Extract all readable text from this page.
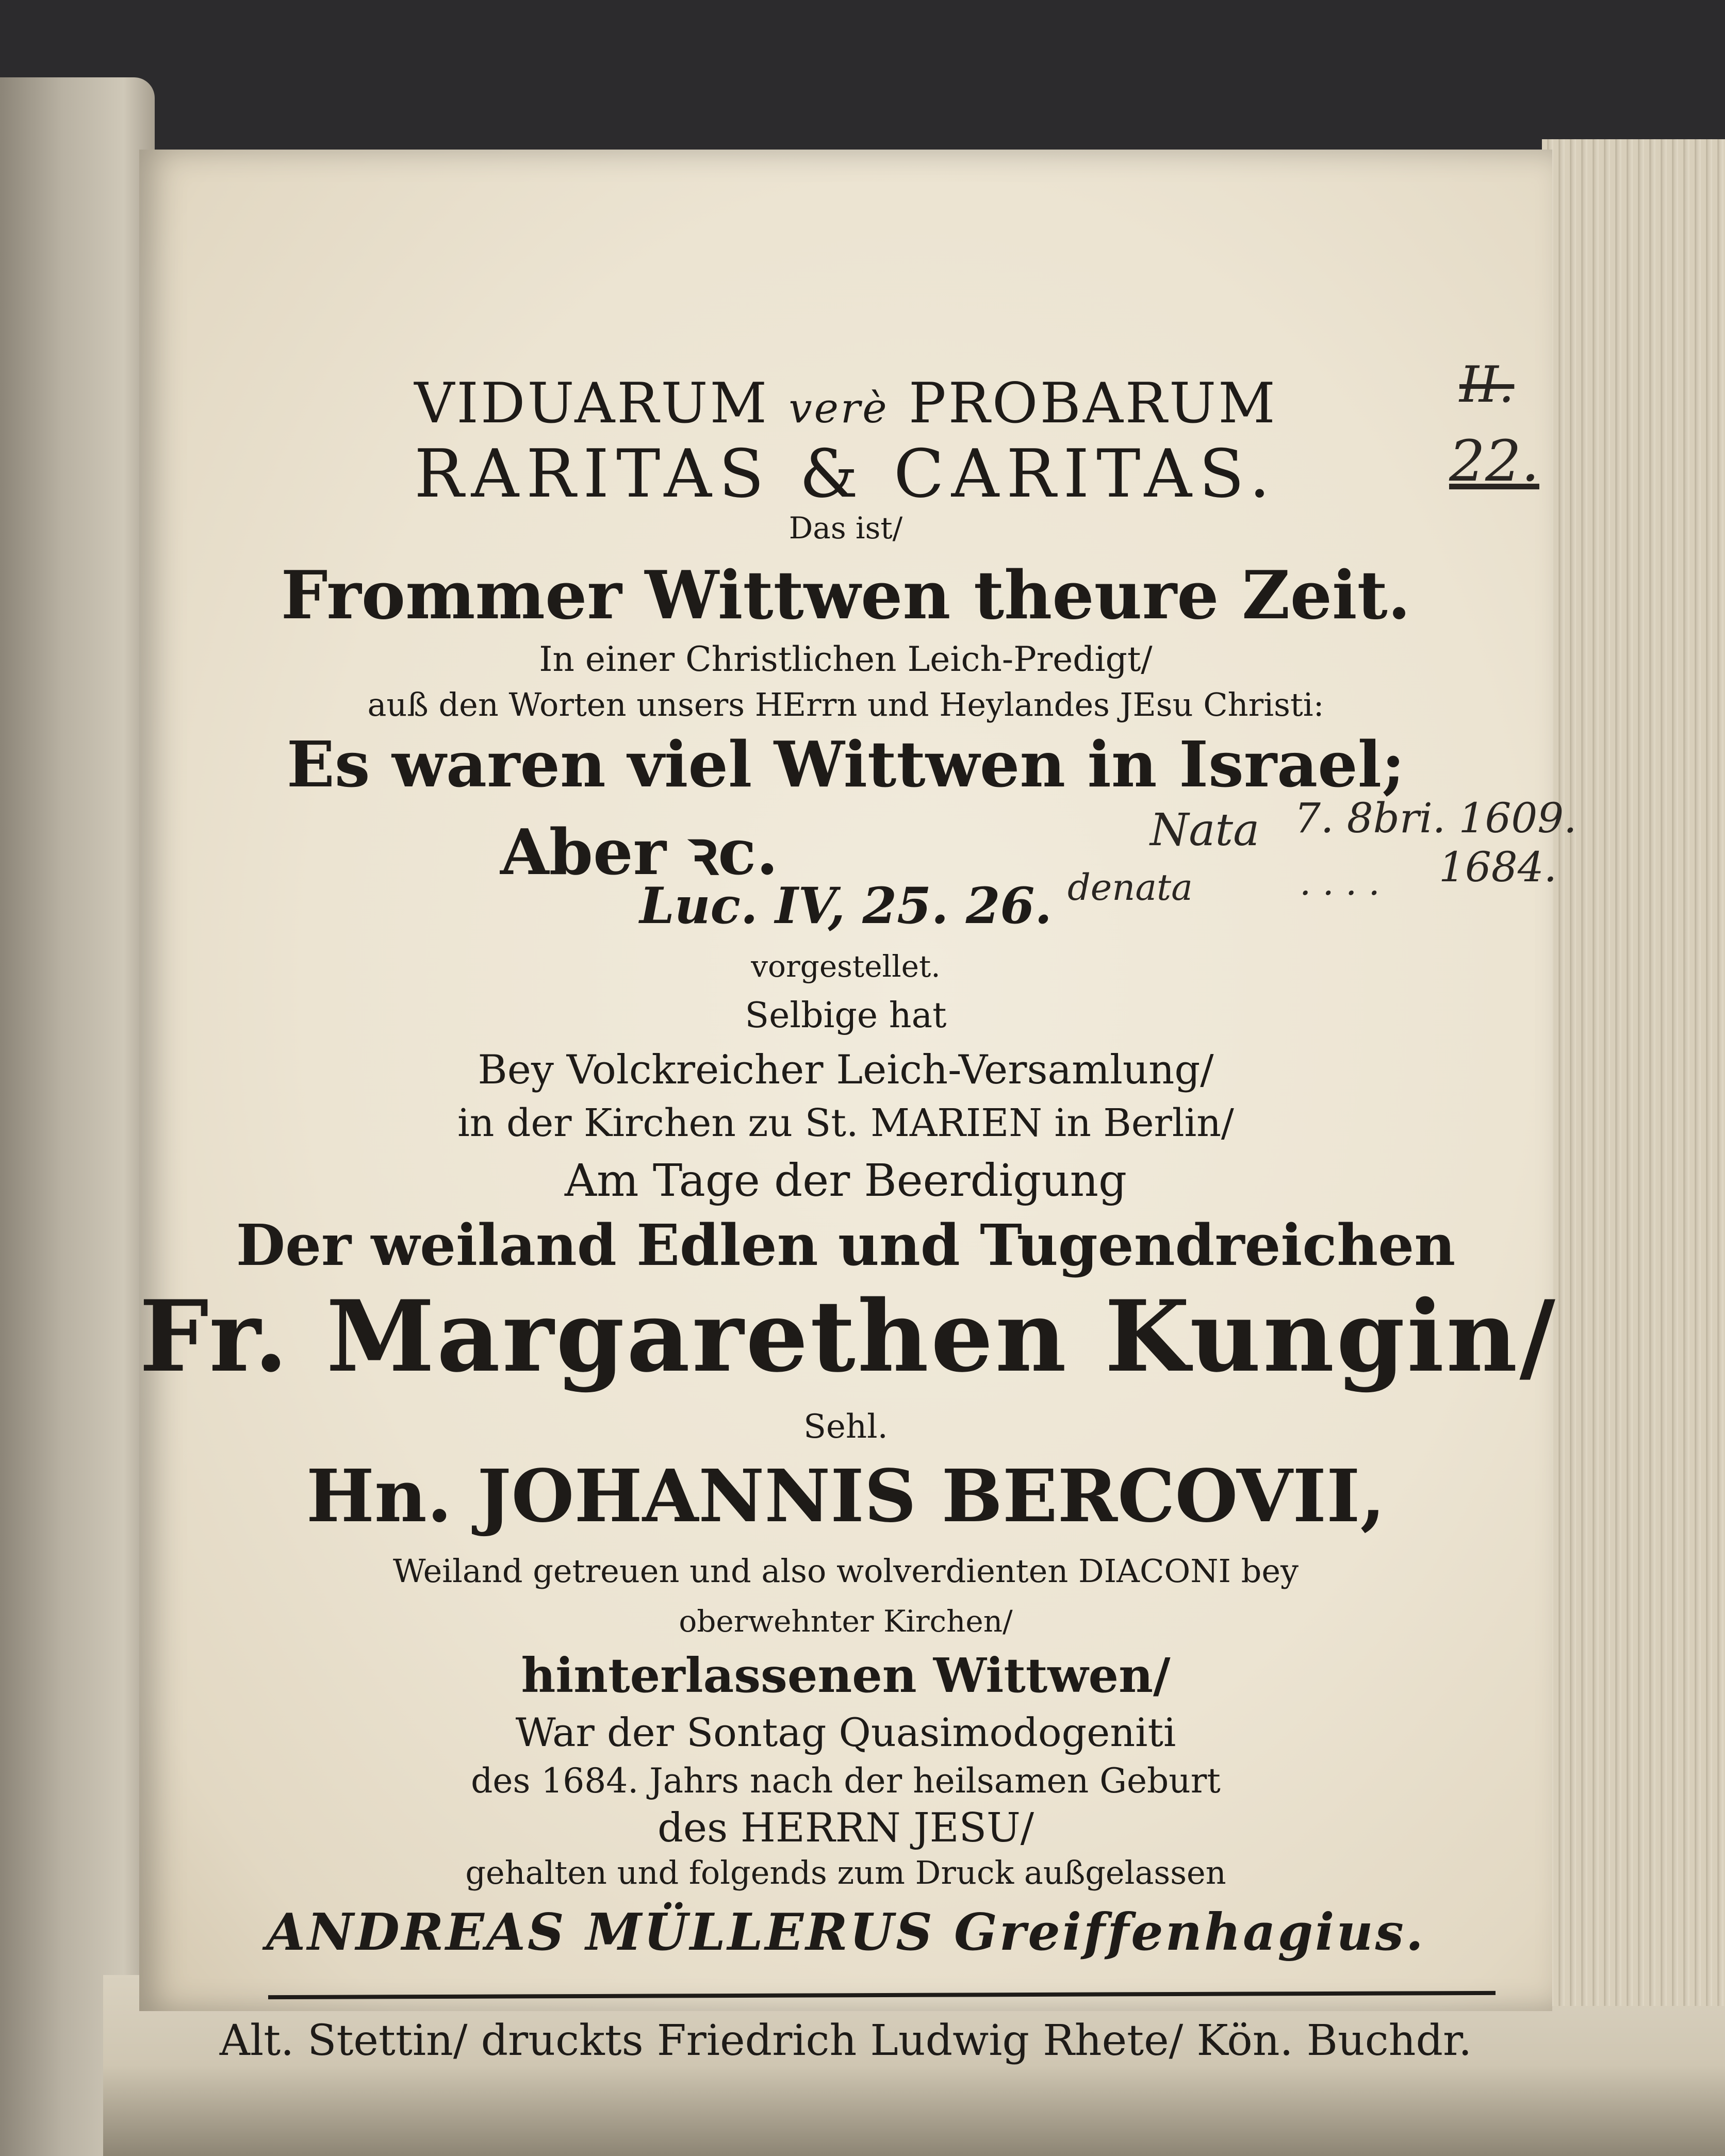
VIDUARUM verè PROBARUM
RARITAS & CARITAS.
Das ist/
Frommer Wittwen theure Zeit.
In einer Christlichen Leich-Predigt/
auß den Worten unsers HErrn und Heylandes JEsu Christi:
Es waren viel Wittwen in Israel;
Aber ꝛc.
Luc. IV, 25. 26.
vorgestellet.
Selbige hat
Bey Volckreicher Leich-Versamlung/
in der Kirchen zu St. MARIEN in Berlin/
Am Tage der Beerdigung
Der weiland Edlen und Tugendreichen
Fr. Margarethen Kungin/
Sehl.
Hn. JOHANNIS BERCOVII,
Weiland getreuen und also wolverdienten DIACONI bey
oberwehnter Kirchen/
hinterlassenen Wittwen/
War der Sontag Quasimodogeniti
des 1684. Jahrs nach der heilsamen Geburt
des HERRN JESU/
gehalten und folgends zum Druck außgelassen
ANDREAS MÜLLERUS Greiffenhagius.
Alt. Stettin/ druckts Friedrich Ludwig Rhete/ Kön. Buchdr.
II.
22.
Nata 7. 8bri. 1609.
denata	. . . . 1684.
